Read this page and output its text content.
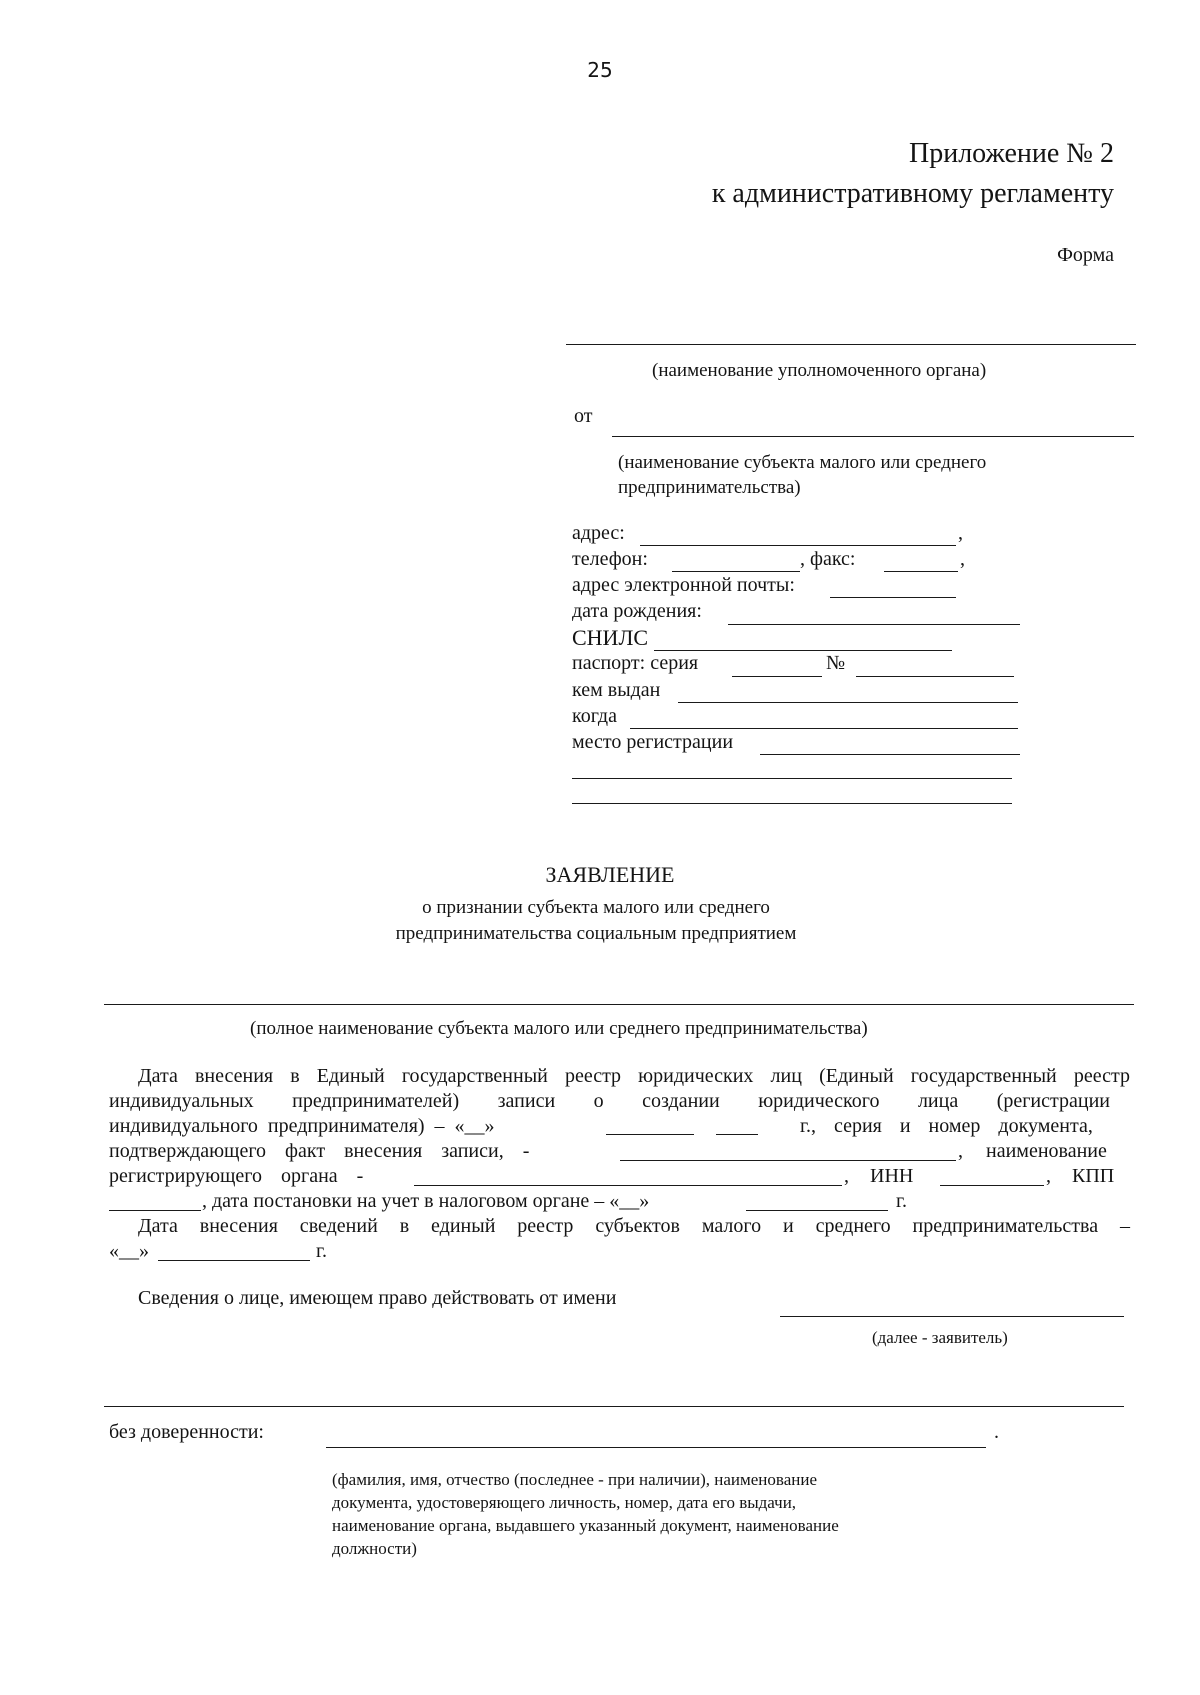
25
Приложение № 2
к административному регламенту
Форма
(наименование уполномоченного органа)
от
(наименование субъекта малого или среднего
предпринимательства)
адрес:	,
телефон:	, факс:	,
адрес электронной почты:
дата рождения:
СНИЛС
паспорт: серия	№
кем выдан
когда
место регистрации
ЗАЯВЛЕНИЕ
о признании субъекта малого или среднего
предпринимательства социальным предприятием
(полное наименование субъекта малого или среднего предпринимательства)
Дата внесения в Единый государственный реестр юридических лиц (Единый государственный реестр
индивидуальных предпринимателей) записи о создании юридического лица (регистрации
индивидуального предпринимателя) – «__»	г., серия и номер документа,
подтверждающего факт внесения записи, -	, наименование
регистрирующего органа -	, ИНН	, КПП
, дата постановки на учет в налоговом органе – «__»	г.
Дата внесения сведений в единый реестр субъектов малого и среднего предпринимательства –
«__»	г.
Сведения о лице, имеющем право действовать от имени
(далее - заявитель)
без доверенности:	.
(фамилия, имя, отчество (последнее - при наличии), наименование
документа, удостоверяющего личность, номер, дата его выдачи,
наименование органа, выдавшего указанный документ, наименование
должности)
